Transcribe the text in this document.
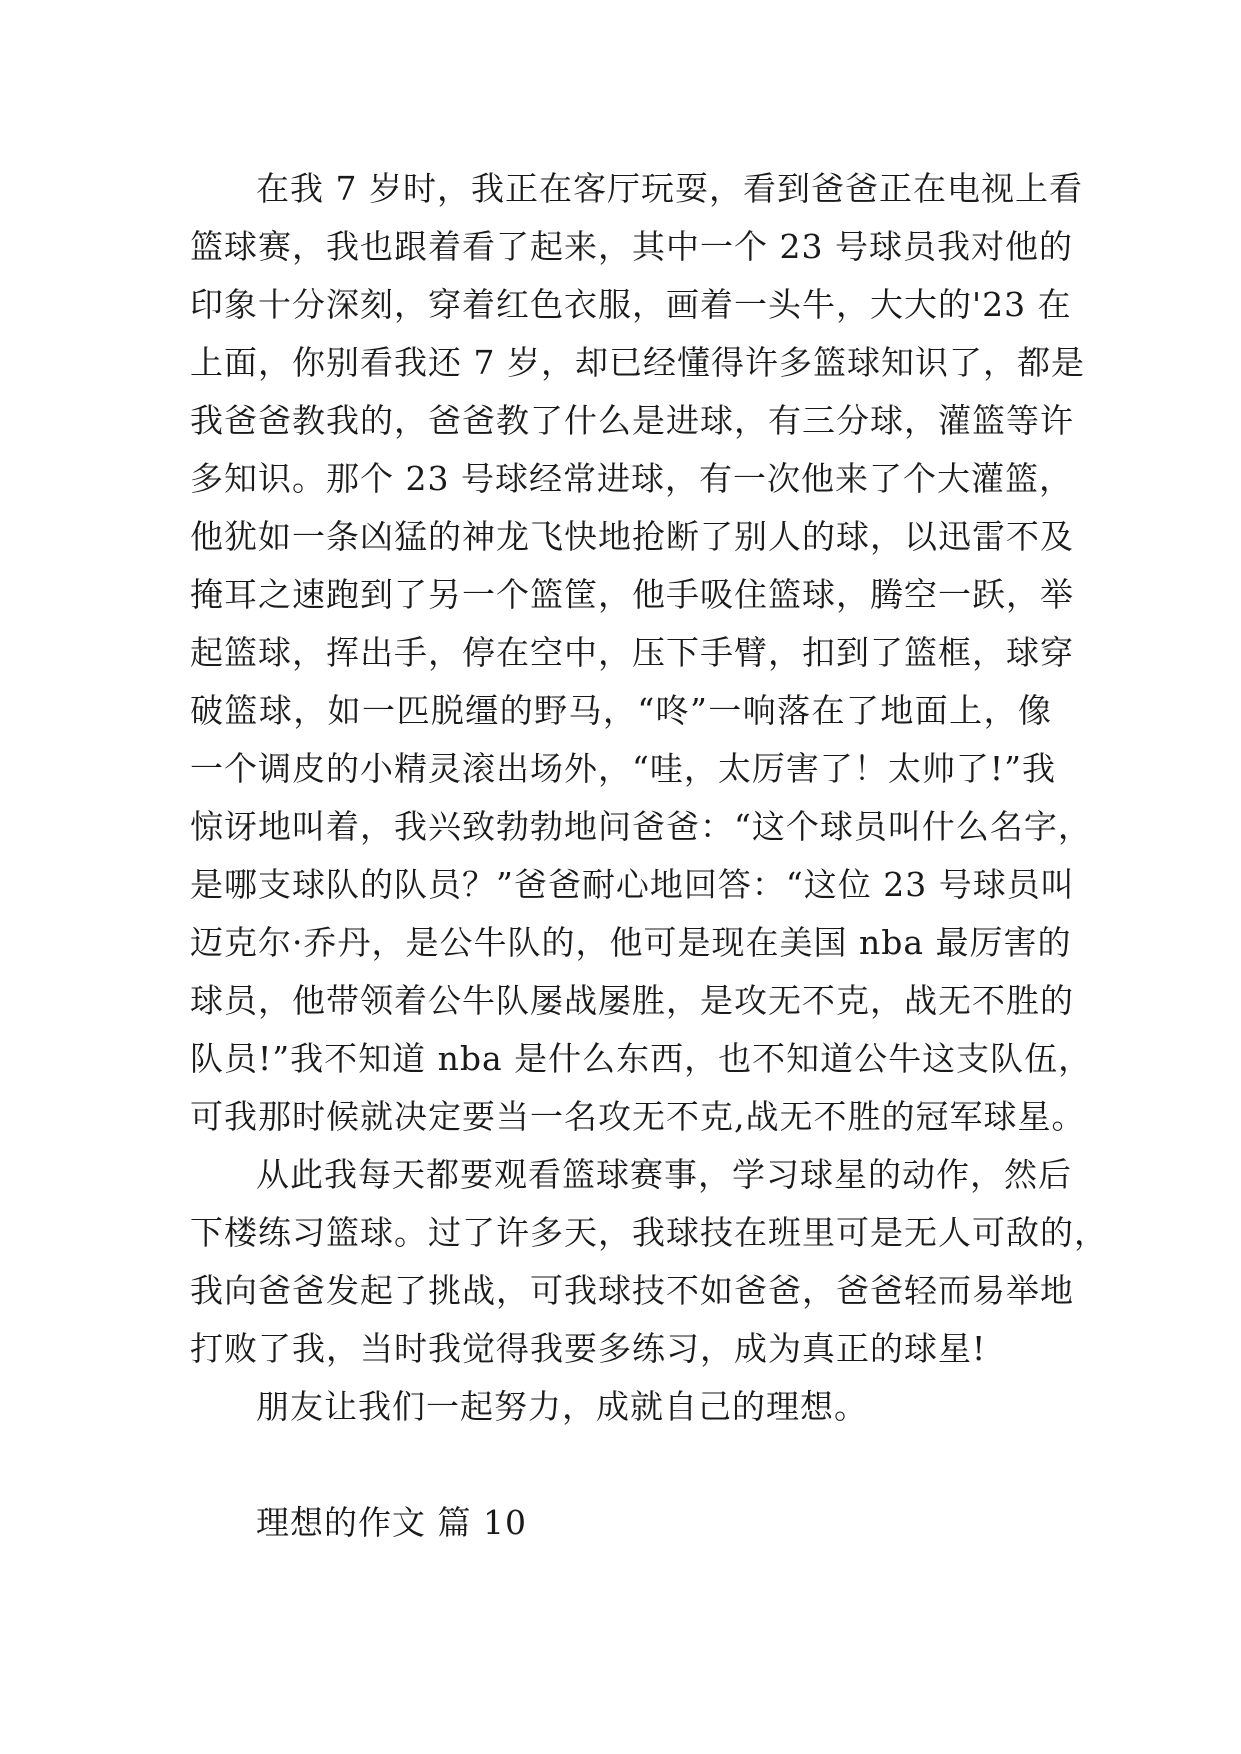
在我 7 岁时，我正在客厅玩耍，看到爸爸正在电视上看
篮球赛，我也跟着看了起来，其中一个 23 号球员我对他的
印象十分深刻，穿着红色衣服，画着一头牛，大大的'23 在
上面，你别看我还 7 岁，却已经懂得许多篮球知识了，都是
我爸爸教我的，爸爸教了什么是进球，有三分球，灌篮等许
多知识。那个 23 号球经常进球，有一次他来了个大灌篮，
他犹如一条凶猛的神龙飞快地抢断了别人的球，以迅雷不及
掩耳之速跑到了另一个篮筐，他手吸住篮球，腾空一跃，举
起篮球，挥出手，停在空中，压下手臂，扣到了篮框，球穿
破篮球，如一匹脱缰的野马，“咚”一响落在了地面上，像
一个调皮的小精灵滚出场外，“哇，太厉害了！太帅了!”我
惊讶地叫着，我兴致勃勃地问爸爸：“这个球员叫什么名字，
是哪支球队的队员？”爸爸耐心地回答：“这位 23 号球员叫
迈克尔·乔丹，是公牛队的，他可是现在美国 nba 最厉害的
球员，他带领着公牛队屡战屡胜，是攻无不克，战无不胜的
队员!”我不知道 nba 是什么东西，也不知道公牛这支队伍，
可我那时候就决定要当一名攻无不克,战无不胜的冠军球星。
从此我每天都要观看篮球赛事，学习球星的动作，然后
下楼练习篮球。过了许多天，我球技在班里可是无人可敌的，
我向爸爸发起了挑战，可我球技不如爸爸，爸爸轻而易举地
打败了我，当时我觉得我要多练习，成为真正的球星!
朋友让我们一起努力，成就自己的理想。
理想的作文 篇 10
